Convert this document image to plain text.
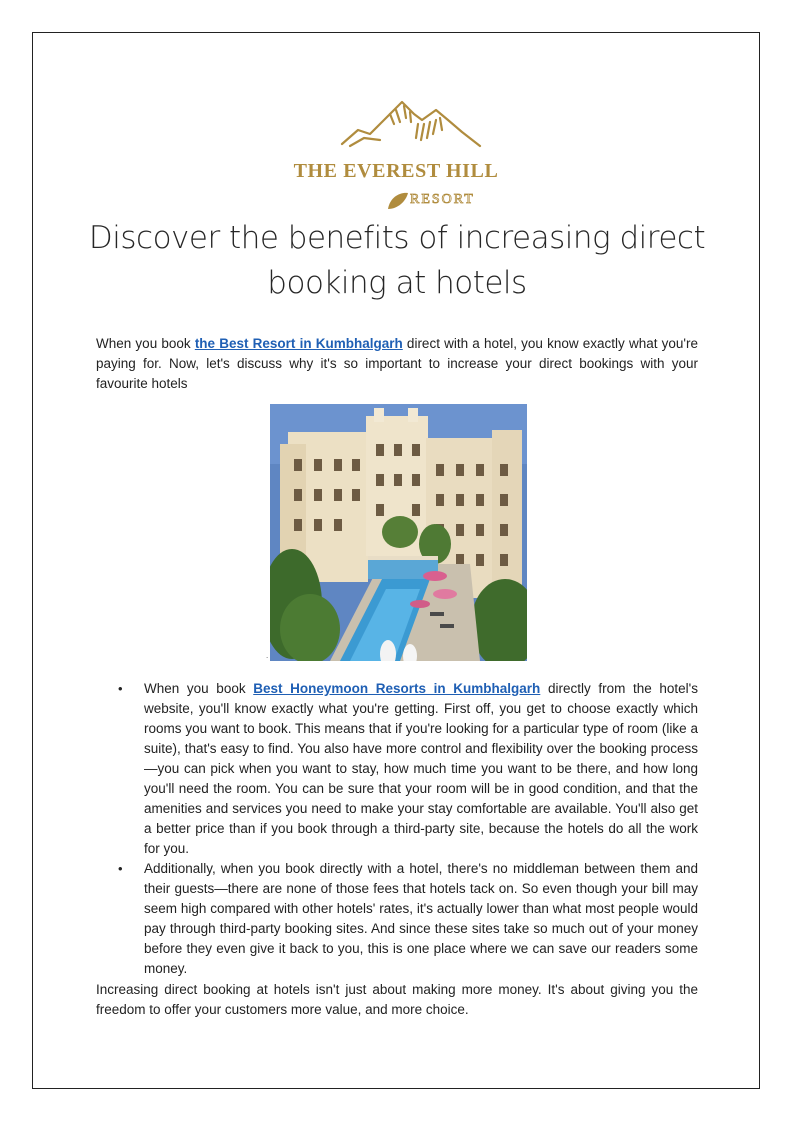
THE EVEREST HILL
RESORT
Discover the benefits of increasing direct
booking at hotels

When you book the Best Resort in Kumbhalgarh direct with a hotel, you know exactly what you're paying for. Now, let's discuss why it's so important to increase your direct bookings with your favourite hotels

.
• When you book Best Honeymoon Resorts in Kumbhalgarh directly from the hotel's website, you'll know exactly what you're getting. First off, you get to choose exactly which rooms you want to book. This means that if you're looking for a particular type of room (like a suite), that's easy to find. You also have more control and flexibility over the booking process—you can pick when you want to stay, how much time you want to be there, and how long you'll need the room. You can be sure that your room will be in good condition, and that the amenities and services you need to make your stay comfortable are available. You'll also get a better price than if you book through a third-party site, because the hotels do all the work for you.
• Additionally, when you book directly with a hotel, there's no middleman between them and their guests—there are none of those fees that hotels tack on. So even though your bill may seem high compared with other hotels' rates, it's actually lower than what most people would pay through third-party booking sites. And since these sites take so much out of your money before they even give it back to you, this is one place where we can save our readers some money.

Increasing direct booking at hotels isn't just about making more money. It's about giving you the freedom to offer your customers more value, and more choice.
